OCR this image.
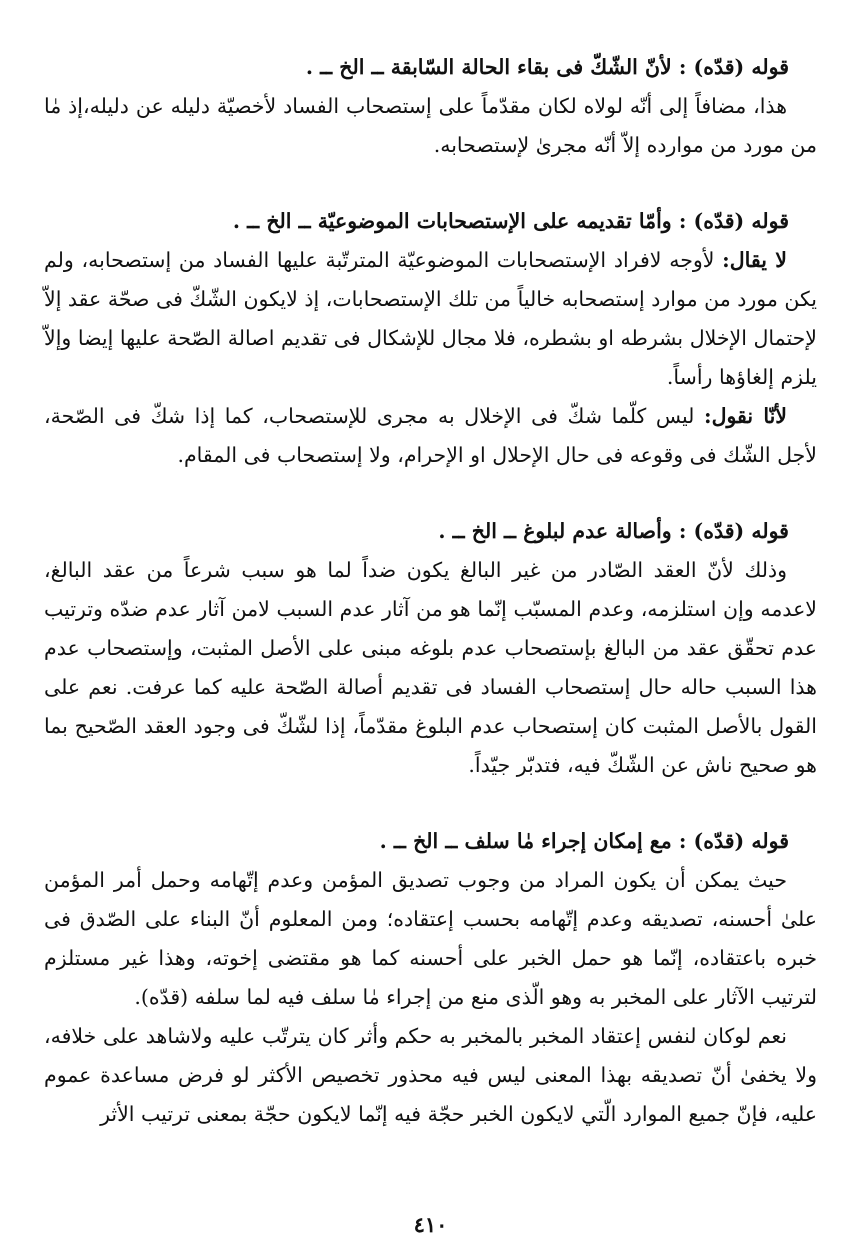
قوله (قدّه) : لأنّ الشّكّ فى بقاء الحالة السّابقة ــ الخ ــ .
هذا، مضافاً إلى أنّه لولاه لكان مقدّماً على إستصحاب الفساد لأخصيّة دليله عن دليله،إذ مٰا من مورد من موارده إلاّ أنّه مجرىٰ لإستصحابه.
قوله (قدّه) : وأمّا تقديمه على الإستصحابات الموضوعيّة ــ الخ ــ .
لا يقال: لأوجه لافراد الإستصحابات الموضوعيّة المترتّبة عليها الفساد من إستصحابه، ولم يكن مورد من موارد إستصحابه خالياً من تلك الإستصحابات، إذ لايكون الشّكّ فى صحّة عقد إلاّ لإحتمال الإخلال بشرطه او بشطره، فلا مجال للإشكال فى تقديم اصالة الصّحة عليها إيضا وإلاّ يلزم إلغاؤها رأساً.
لأنّا نقول: ليس كلّما شكّ فى الإخلال به مجرى للإستصحاب، كما إذا شكّ فى الصّحة، لأجل الشّك فى وقوعه فى حال الإحلال او الإحرام، ولا إستصحاب فى المقام.
قوله (قدّه) : وأصالة عدم لبلوغ ــ الخ ــ .
وذلك لأنّ العقد الصّادر من غير البالغ يكون ضداً لما هو سبب شرعاً من عقد البالغ، لاعدمه وإن استلزمه، وعدم المسبّب إنّما هو من آثار عدم السبب لامن آثار عدم ضدّه وترتيب عدم تحقّق عقد من البالغ بإستصحاب عدم بلوغه مبنى على الأصل المثبت، وإستصحاب عدم هذا السبب حاله حال إستصحاب الفساد فى تقديم أصالة الصّحة عليه كما عرفت. نعم على القول بالأصل المثبت كان إستصحاب عدم البلوغ مقدّماً، إذا لشّكّ فى وجود العقد الصّحيح بما هو صحيح ناش عن الشّكّ فيه، فتدبّر جيّداً.
قوله (قدّه) : مع إمكان إجراء مٰا سلف ــ الخ ــ .
حيث يمكن أن يكون المراد من وجوب تصديق المؤمن وعدم إتّهامه وحمل أمر المؤمن علىٰ أحسنه، تصديقه وعدم إتّهامه بحسب إعتقاده؛ ومن المعلوم أنّ البناء على الصّدق فى خبره باعتقاده، إنّما هو حمل الخبر على أحسنه كما هو مقتضى إخوته، وهذا غير مستلزم لترتيب الآثار على المخبر به وهو الّذى منع من إجراء مٰا سلف فيه لما سلفه (قدّه).
نعم لوكان لنفس إعتقاد المخبر بالمخبر به حكم وأثر كان يترتّب عليه ولاشاهد على خلافه، ولا يخفىٰ أنّ تصديقه بهذا المعنى ليس فيه محذور تخصيص الأكثر لو فرض مساعدة عموم عليه، فإنّ جميع الموارد الّتي لايكون الخبر حجّة فيه إنّما لايكون حجّة بمعنى ترتيب الأثر
٤١٠
